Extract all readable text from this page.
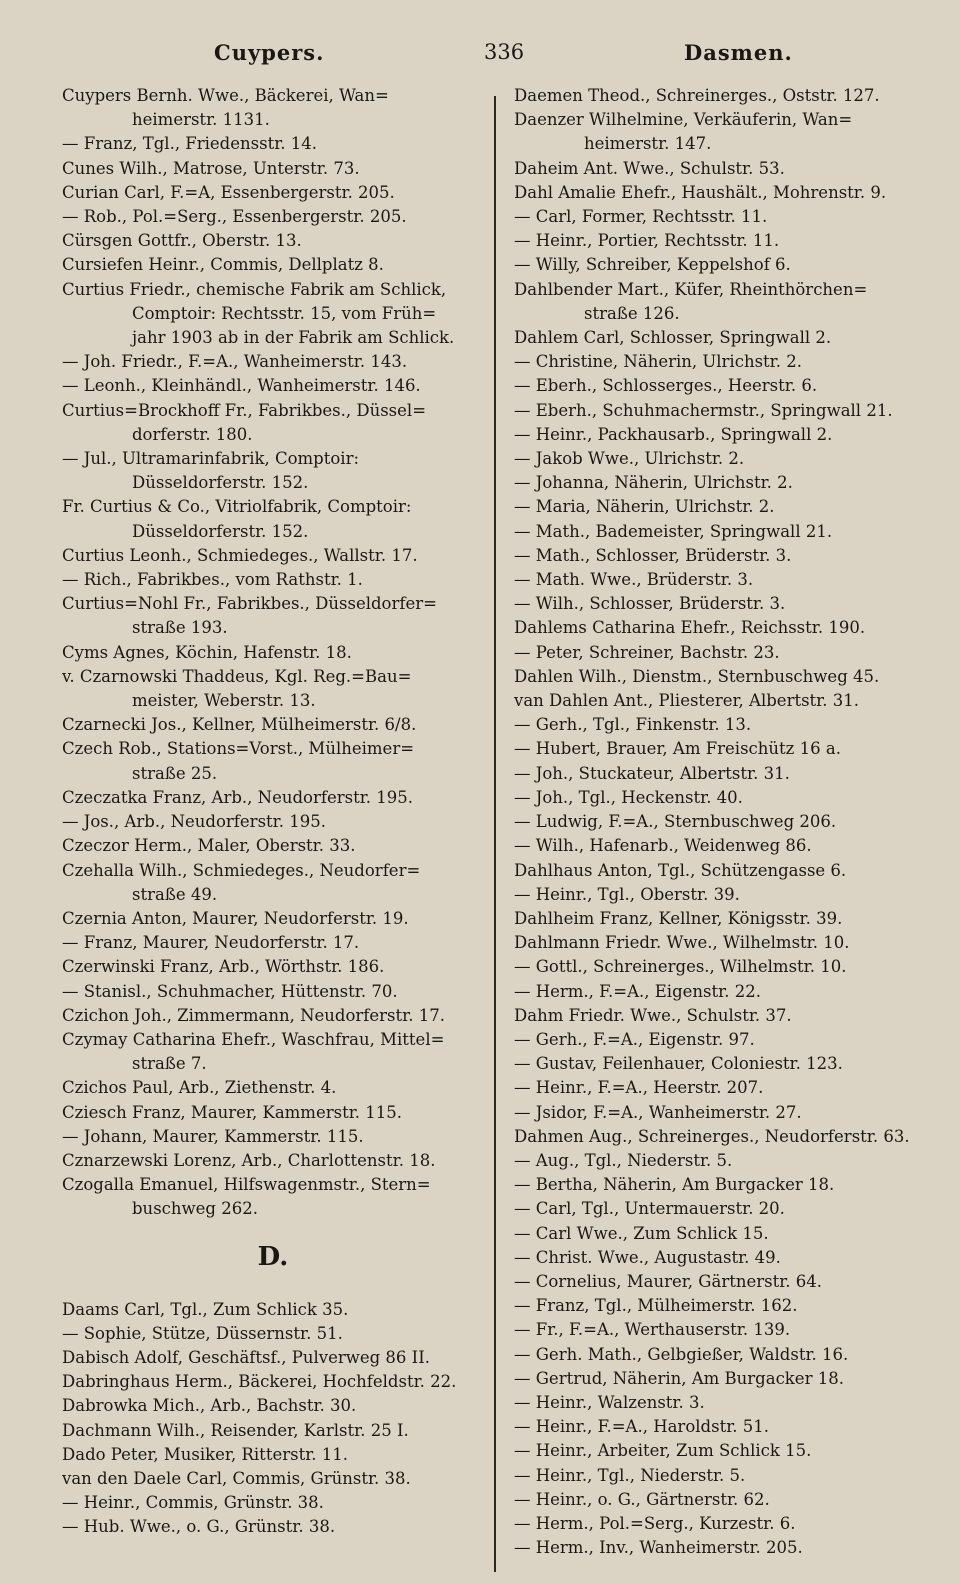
Cuypers.	336	Dasmen.
Cuypers Bernh. Wwe., Bäckerei, Wan=
heimerstr. 1131.
— Franz, Tgl., Friedensstr. 14.
Cunes Wilh., Matrose, Unterstr. 73.
Curian Carl, F.=A, Essenbergerstr. 205.
— Rob., Pol.=Serg., Essenbergerstr. 205.
Cürsgen Gottfr., Oberstr. 13.
Cursiefen Heinr., Commis, Dellplatz 8.
Curtius Friedr., chemische Fabrik am Schlick,
Comptoir: Rechtsstr. 15, vom Früh=
jahr 1903 ab in der Fabrik am Schlick.
— Joh. Friedr., F.=A., Wanheimerstr. 143.
— Leonh., Kleinhändl., Wanheimerstr. 146.
Curtius=Brockhoff Fr., Fabrikbes., Düssel=
dorferstr. 180.
— Jul., Ultramarinfabrik, Comptoir:
Düsseldorferstr. 152.
Fr. Curtius & Co., Vitriolfabrik, Comptoir:
Düsseldorferstr. 152.
Curtius Leonh., Schmiedeges., Wallstr. 17.
— Rich., Fabrikbes., vom Rathstr. 1.
Curtius=Nohl Fr., Fabrikbes., Düsseldorfer=
straße 193.
Cyms Agnes, Köchin, Hafenstr. 18.
v. Czarnowski Thaddeus, Kgl. Reg.=Bau=
meister, Weberstr. 13.
Czarnecki Jos., Kellner, Mülheimerstr. 6/8.
Czech Rob., Stations=Vorst., Mülheimer=
straße 25.
Czeczatka Franz, Arb., Neudorferstr. 195.
— Jos., Arb., Neudorferstr. 195.
Czeczor Herm., Maler, Oberstr. 33.
Czehalla Wilh., Schmiedeges., Neudorfer=
straße 49.
Czernia Anton, Maurer, Neudorferstr. 19.
— Franz, Maurer, Neudorferstr. 17.
Czerwinski Franz, Arb., Wörthstr. 186.
— Stanisl., Schuhmacher, Hüttenstr. 70.
Czichon Joh., Zimmermann, Neudorferstr. 17.
Czymay Catharina Ehefr., Waschfrau, Mittel=
straße 7.
Czichos Paul, Arb., Ziethenstr. 4.
Cziesch Franz, Maurer, Kammerstr. 115.
— Johann, Maurer, Kammerstr. 115.
Cznarzewski Lorenz, Arb., Charlottenstr. 18.
Czogalla Emanuel, Hilfswagenmstr., Stern=
buschweg 262.
D.
Daams Carl, Tgl., Zum Schlick 35.
— Sophie, Stütze, Düssernstr. 51.
Dabisch Adolf, Geschäftsf., Pulverweg 86 II.
Dabringhaus Herm., Bäckerei, Hochfeldstr. 22.
Dabrowka Mich., Arb., Bachstr. 30.
Dachmann Wilh., Reisender, Karlstr. 25 I.
Dado Peter, Musiker, Ritterstr. 11.
van den Daele Carl, Commis, Grünstr. 38.
— Heinr., Commis, Grünstr. 38.
— Hub. Wwe., o. G., Grünstr. 38.
Daemen Theod., Schreinerges., Oststr. 127.
Daenzer Wilhelmine, Verkäuferin, Wan=
heimerstr. 147.
Daheim Ant. Wwe., Schulstr. 53.
Dahl Amalie Ehefr., Haushält., Mohrenstr. 9.
— Carl, Former, Rechtsstr. 11.
— Heinr., Portier, Rechtsstr. 11.
— Willy, Schreiber, Keppelshof 6.
Dahlbender Mart., Küfer, Rheinthörchen=
straße 126.
Dahlem Carl, Schlosser, Springwall 2.
— Christine, Näherin, Ulrichstr. 2.
— Eberh., Schlosserges., Heerstr. 6.
— Eberh., Schuhmachermstr., Springwall 21.
— Heinr., Packhausarb., Springwall 2.
— Jakob Wwe., Ulrichstr. 2.
— Johanna, Näherin, Ulrichstr. 2.
— Maria, Näherin, Ulrichstr. 2.
— Math., Bademeister, Springwall 21.
— Math., Schlosser, Brüderstr. 3.
— Math. Wwe., Brüderstr. 3.
— Wilh., Schlosser, Brüderstr. 3.
Dahlems Catharina Ehefr., Reichsstr. 190.
— Peter, Schreiner, Bachstr. 23.
Dahlen Wilh., Dienstm., Sternbuschweg 45.
van Dahlen Ant., Pliesterer, Albertstr. 31.
— Gerh., Tgl., Finkenstr. 13.
— Hubert, Brauer, Am Freischütz 16 a.
— Joh., Stuckateur, Albertstr. 31.
— Joh., Tgl., Heckenstr. 40.
— Ludwig, F.=A., Sternbuschweg 206.
— Wilh., Hafenarb., Weidenweg 86.
Dahlhaus Anton, Tgl., Schützengasse 6.
— Heinr., Tgl., Oberstr. 39.
Dahlheim Franz, Kellner, Königsstr. 39.
Dahlmann Friedr. Wwe., Wilhelmstr. 10.
— Gottl., Schreinerges., Wilhelmstr. 10.
— Herm., F.=A., Eigenstr. 22.
Dahm Friedr. Wwe., Schulstr. 37.
— Gerh., F.=A., Eigenstr. 97.
— Gustav, Feilenhauer, Coloniestr. 123.
— Heinr., F.=A., Heerstr. 207.
— Jsidor, F.=A., Wanheimerstr. 27.
Dahmen Aug., Schreinerges., Neudorferstr. 63.
— Aug., Tgl., Niederstr. 5.
— Bertha, Näherin, Am Burgacker 18.
— Carl, Tgl., Untermauerstr. 20.
— Carl Wwe., Zum Schlick 15.
— Christ. Wwe., Augustastr. 49.
— Cornelius, Maurer, Gärtnerstr. 64.
— Franz, Tgl., Mülheimerstr. 162.
— Fr., F.=A., Werthauserstr. 139.
— Gerh. Math., Gelbgießer, Waldstr. 16.
— Gertrud, Näherin, Am Burgacker 18.
— Heinr., Walzenstr. 3.
— Heinr., F.=A., Haroldstr. 51.
— Heinr., Arbeiter, Zum Schlick 15.
— Heinr., Tgl., Niederstr. 5.
— Heinr., o. G., Gärtnerstr. 62.
— Herm., Pol.=Serg., Kurzestr. 6.
— Herm., Inv., Wanheimerstr. 205.
